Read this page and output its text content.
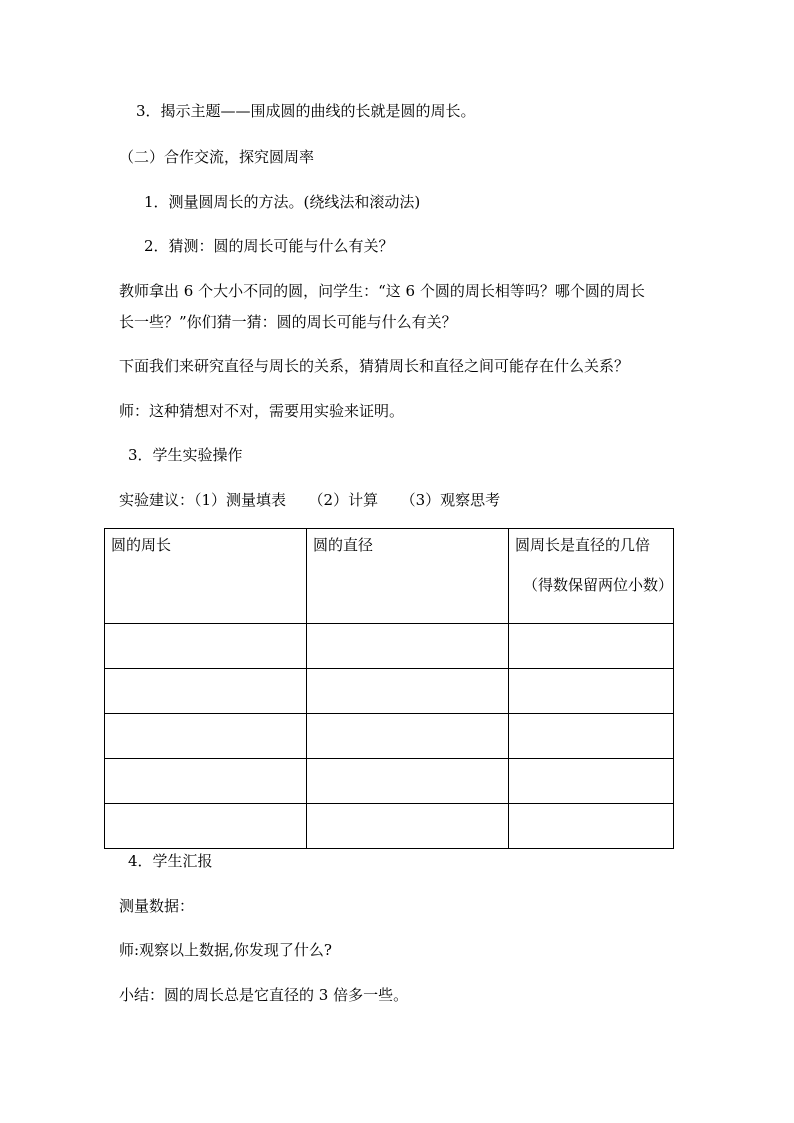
3．揭示主题——围成圆的曲线的长就是圆的周长。
（二）合作交流，探究圆周率
1．测量圆周长的方法。(绕线法和滚动法)
2．猜测：圆的周长可能与什么有关？
教师拿出 6 个大小不同的圆，问学生：“这 6 个圆的周长相等吗？哪个圆的周长
长一些？”你们猜一猜：圆的周长可能与什么有关？
下面我们来研究直径与周长的关系，猜猜周长和直径之间可能存在什么关系？
师：这种猜想对不对，需要用实验来证明。
3．学生实验操作
实验建议：（1）测量填表　　（2）计算　　（3）观察思考
圆的周长	圆的直径	圆周长是直径的几倍
（得数保留两位小数）

4．学生汇报
测量数据：
师:观察以上数据,你发现了什么?
小结：圆的周长总是它直径的 3 倍多一些。
